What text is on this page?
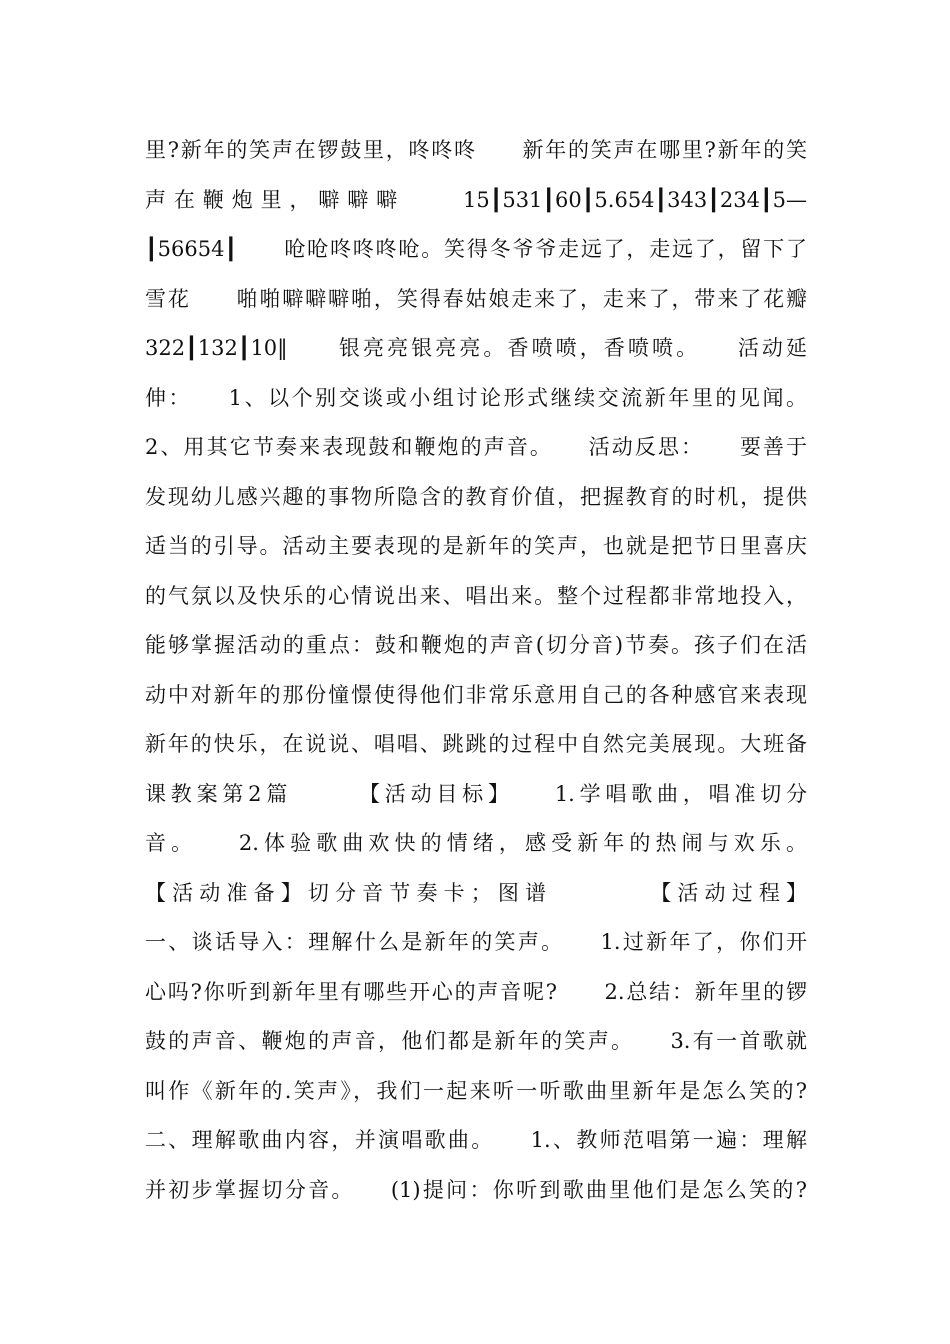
里?新年的笑声在锣鼓里，咚咚咚　　新年的笑声在哪里?新年的笑
声在鞭炮里，噼噼噼　　15┃531┃60┃5.654┃343┃234┃5—
┃56654┃　　呛呛咚咚咚呛。笑得冬爷爷走远了，走远了，留下了
雪花　　啪啪噼噼噼啪，笑得春姑娘走来了，走来了，带来了花瓣
322┃132┃10‖　　银亮亮银亮亮。香喷喷，香喷喷。　　活动延
伸：　　1、以个别交谈或小组讨论形式继续交流新年里的见闻。
2、用其它节奏来表现鼓和鞭炮的声音。　　活动反思：　　要善于
发现幼儿感兴趣的事物所隐含的教育价值，把握教育的时机，提供
适当的引导。活动主要表现的是新年的笑声，也就是把节日里喜庆
的气氛以及快乐的心情说出来、唱出来。整个过程都非常地投入，
能够掌握活动的重点：鼓和鞭炮的声音(切分音)节奏。孩子们在活
动中对新年的那份憧憬使得他们非常乐意用自己的各种感官来表现
新年的快乐，在说说、唱唱、跳跳的过程中自然完美展现。大班备
课教案第2篇　　　【活动目标】　　1.学唱歌曲，唱准切分
音。　　2.体验歌曲欢快的情绪，感受新年的热闹与欢乐。
【活动准备】切分音节奏卡；图谱　　　　【活动过程】
一、谈话导入：理解什么是新年的笑声。　　1.过新年了，你们开
心吗?你听到新年里有哪些开心的声音呢?　　2.总结：新年里的锣
鼓的声音、鞭炮的声音，他们都是新年的笑声。　　3.有一首歌就
叫作《新年的.笑声》，我们一起来听一听歌曲里新年是怎么笑的?
二、理解歌曲内容，并演唱歌曲。　　1.、教师范唱第一遍：理解
并初步掌握切分音。　　(1)提问：你听到歌曲里他们是怎么笑的?
